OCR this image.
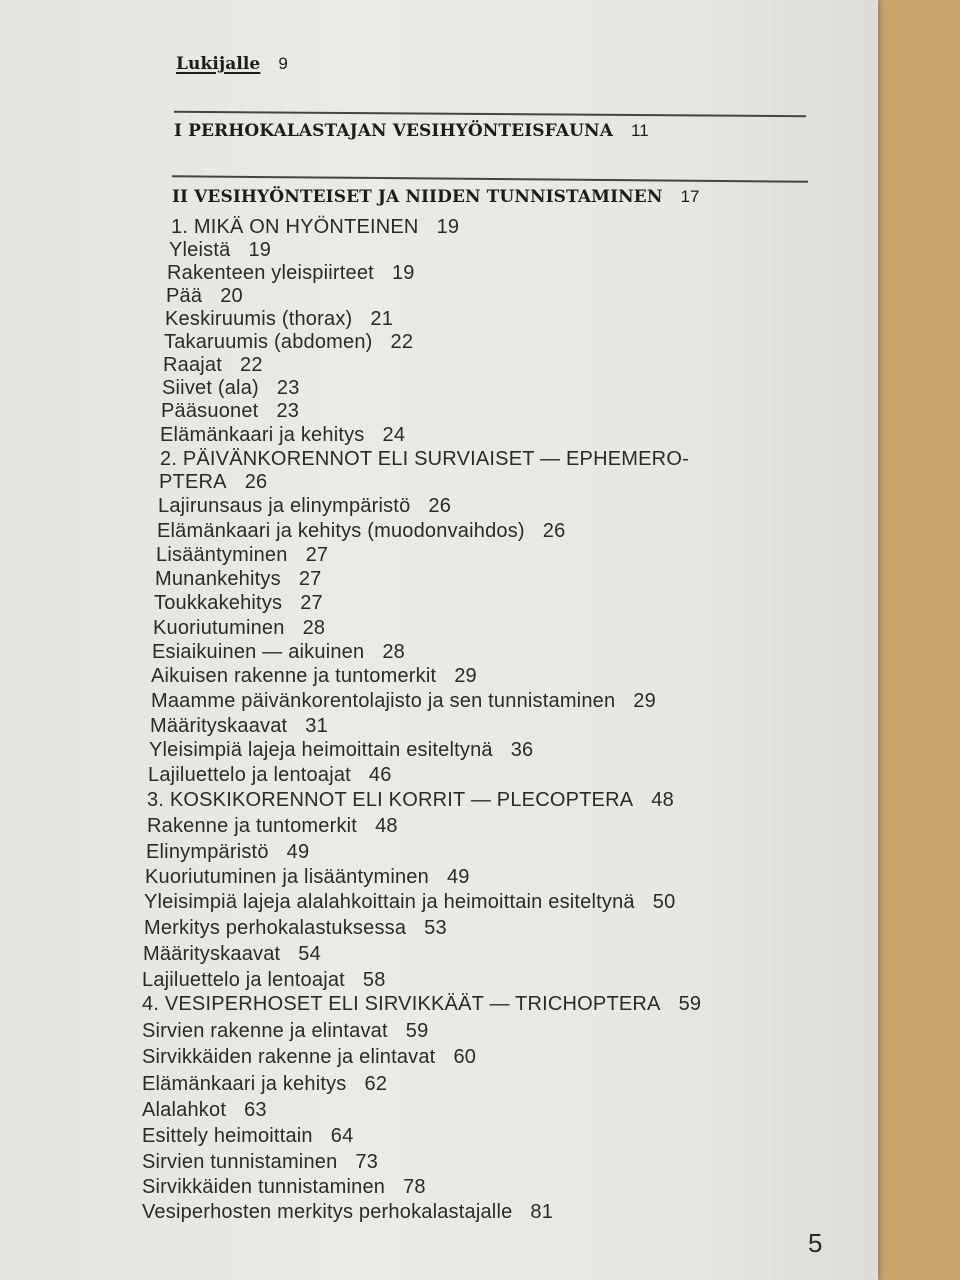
Lukijalle 9
I PERHOKALASTAJAN VESIHYÖNTEISFAUNA 11
II VESIHYÖNTEISET JA NIIDEN TUNNISTAMINEN 17
1. MIKÄ ON HYÖNTEINEN 19
Yleistä 19
Rakenteen yleispiirteet 19
Pää 20
Keskiruumis (thorax) 21
Takaruumis (abdomen) 22
Raajat 22
Siivet (ala) 23
Pääsuonet 23
Elämänkaari ja kehitys 24
2. PÄIVÄNKORENNOT ELI SURVIAISET — EPHEMERO-
PTERA 26
Lajirunsaus ja elinympäristö 26
Elämänkaari ja kehitys (muodonvaihdos) 26
Lisääntyminen 27
Munankehitys 27
Toukkakehitys 27
Kuoriutuminen 28
Esiaikuinen — aikuinen 28
Aikuisen rakenne ja tuntomerkit 29
Maamme päivänkorentolajisto ja sen tunnistaminen 29
Määrityskaavat 31
Yleisimpiä lajeja heimoittain esiteltynä 36
Lajiluettelo ja lentoajat 46
3. KOSKIKORENNOT ELI KORRIT — PLECOPTERA 48
Rakenne ja tuntomerkit 48
Elinympäristö 49
Kuoriutuminen ja lisääntyminen 49
Yleisimpiä lajeja alalahkoittain ja heimoittain esiteltynä 50
Merkitys perhokalastuksessa 53
Määrityskaavat 54
Lajiluettelo ja lentoajat 58
4. VESIPERHOSET ELI SIRVIKKÄÄT — TRICHOPTERA 59
Sirvien rakenne ja elintavat 59
Sirvikkäiden rakenne ja elintavat 60
Elämänkaari ja kehitys 62
Alalahkot 63
Esittely heimoittain 64
Sirvien tunnistaminen 73
Sirvikkäiden tunnistaminen 78
Vesiperhosten merkitys perhokalastajalle 81
5
